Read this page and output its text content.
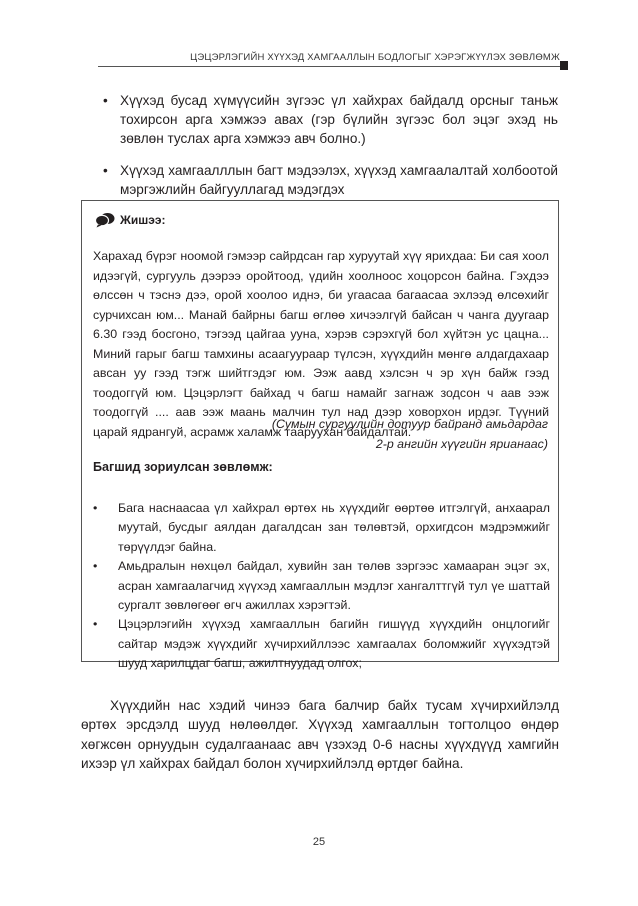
ЦЭЦЭРЛЭГИЙН ХҮҮХЭД ХАМГААЛЛЫН БОДЛОГЫГ ХЭРЭГЖҮҮЛЭХ ЗӨВЛӨМЖ
• Хүүхэд бусад хүмүүсийн зүгээс үл хайхрах байдалд орсныг таньж тохирсон арга хэмжээ авах (гэр бүлийн зүгээс бол эцэг эхэд нь зөвлөн туслах арга хэмжээ авч болно.)
• Хүүхэд хамгаалллын багт мэдээлэх, хүүхэд хамгаалалтай холбоотой мэргэжлийн байгууллагад мэдэгдэх
Жишээ:
Харахад бүрэг ноомой гэмээр сайрдсан гар хуруутай хүү ярихдаа: Би сая хоол идээгүй, сургууль дээрээ оройтоод, үдийн хоолноос хоцорсон байна. Гэхдээ өлссөн ч тэснэ дээ, орой хоолоо иднэ, би угаасаа багаасаа эхлээд өлсөхийг сурчихсан юм... Манай байрны багш өглөө хичээлгүй байсан ч чанга дуугаар 6.30 гээд босгоно, тэгээд цайгаа ууна, хэрэв сэрэхгүй бол хүйтэн ус цацна... Миний гарыг багш тамхины асаагуураар түлсэн, хүүхдийн мөнгө алдагдахаар авсан уу гээд тэгж шийтгэдэг юм. Ээж аавд хэлсэн ч эр хүн байж гээд тоодоггүй юм. Цэцэрлэгт байхад ч багш намайг загнаж зодсон ч аав ээж тоодоггүй .... аав ээж маань малчин тул над дээр ховорхон ирдэг. Түүний царай ядрангуй, асрамж халамж таарууxан байдалтай.
(Сумын сургуулийн дотуур байранд амьдардаг
2-р ангийн хүүгийн ярианаас)
Багшид зориулсан зөвлөмж:
• Бага наснаасаа үл хайхрал өртөх нь хүүхдийг өөртөө итгэлгүй, анхаарал муутай, бусдыг аялдан дагалдсан зан төлөвтэй, орхигдсон мэдрэмжийг төрүүлдэг байна.
• Амьдралын нөхцөл байдал, хувийн зан төлөв зэргээс хамааран эцэг эх, асран хамгаалагчид хүүхэд хамгааллын мэдлэг хангалттгүй тул үе шаттай сургалт зөвлөгөөг өгч ажиллах хэрэгтэй.
• Цэцэрлэгийн хүүхэд хамгааллын багийн гишүүд хүүхдийн онцлогийг сайтар мэдэж хүүхдийг хүчирхийллээс хамгаалах боломжийг хүүхэдтэй шууд харилцдаг багш, ажилтнуудад олгох;
Хүүхдийн нас хэдий чинээ бага балчир байх тусам хүчирхийлэлд өртөх эрсдэлд шууд нөлөөлдөг. Хүүхэд хамгааллын тогтолцоо өндөр хөгжсөн орнуудын судалгаанаас авч үзэхэд 0-6 насны хүүхдүүд хамгийн ихээр үл хайхрах байдал болон хүчирхийлэлд өртдөг байна.
25
